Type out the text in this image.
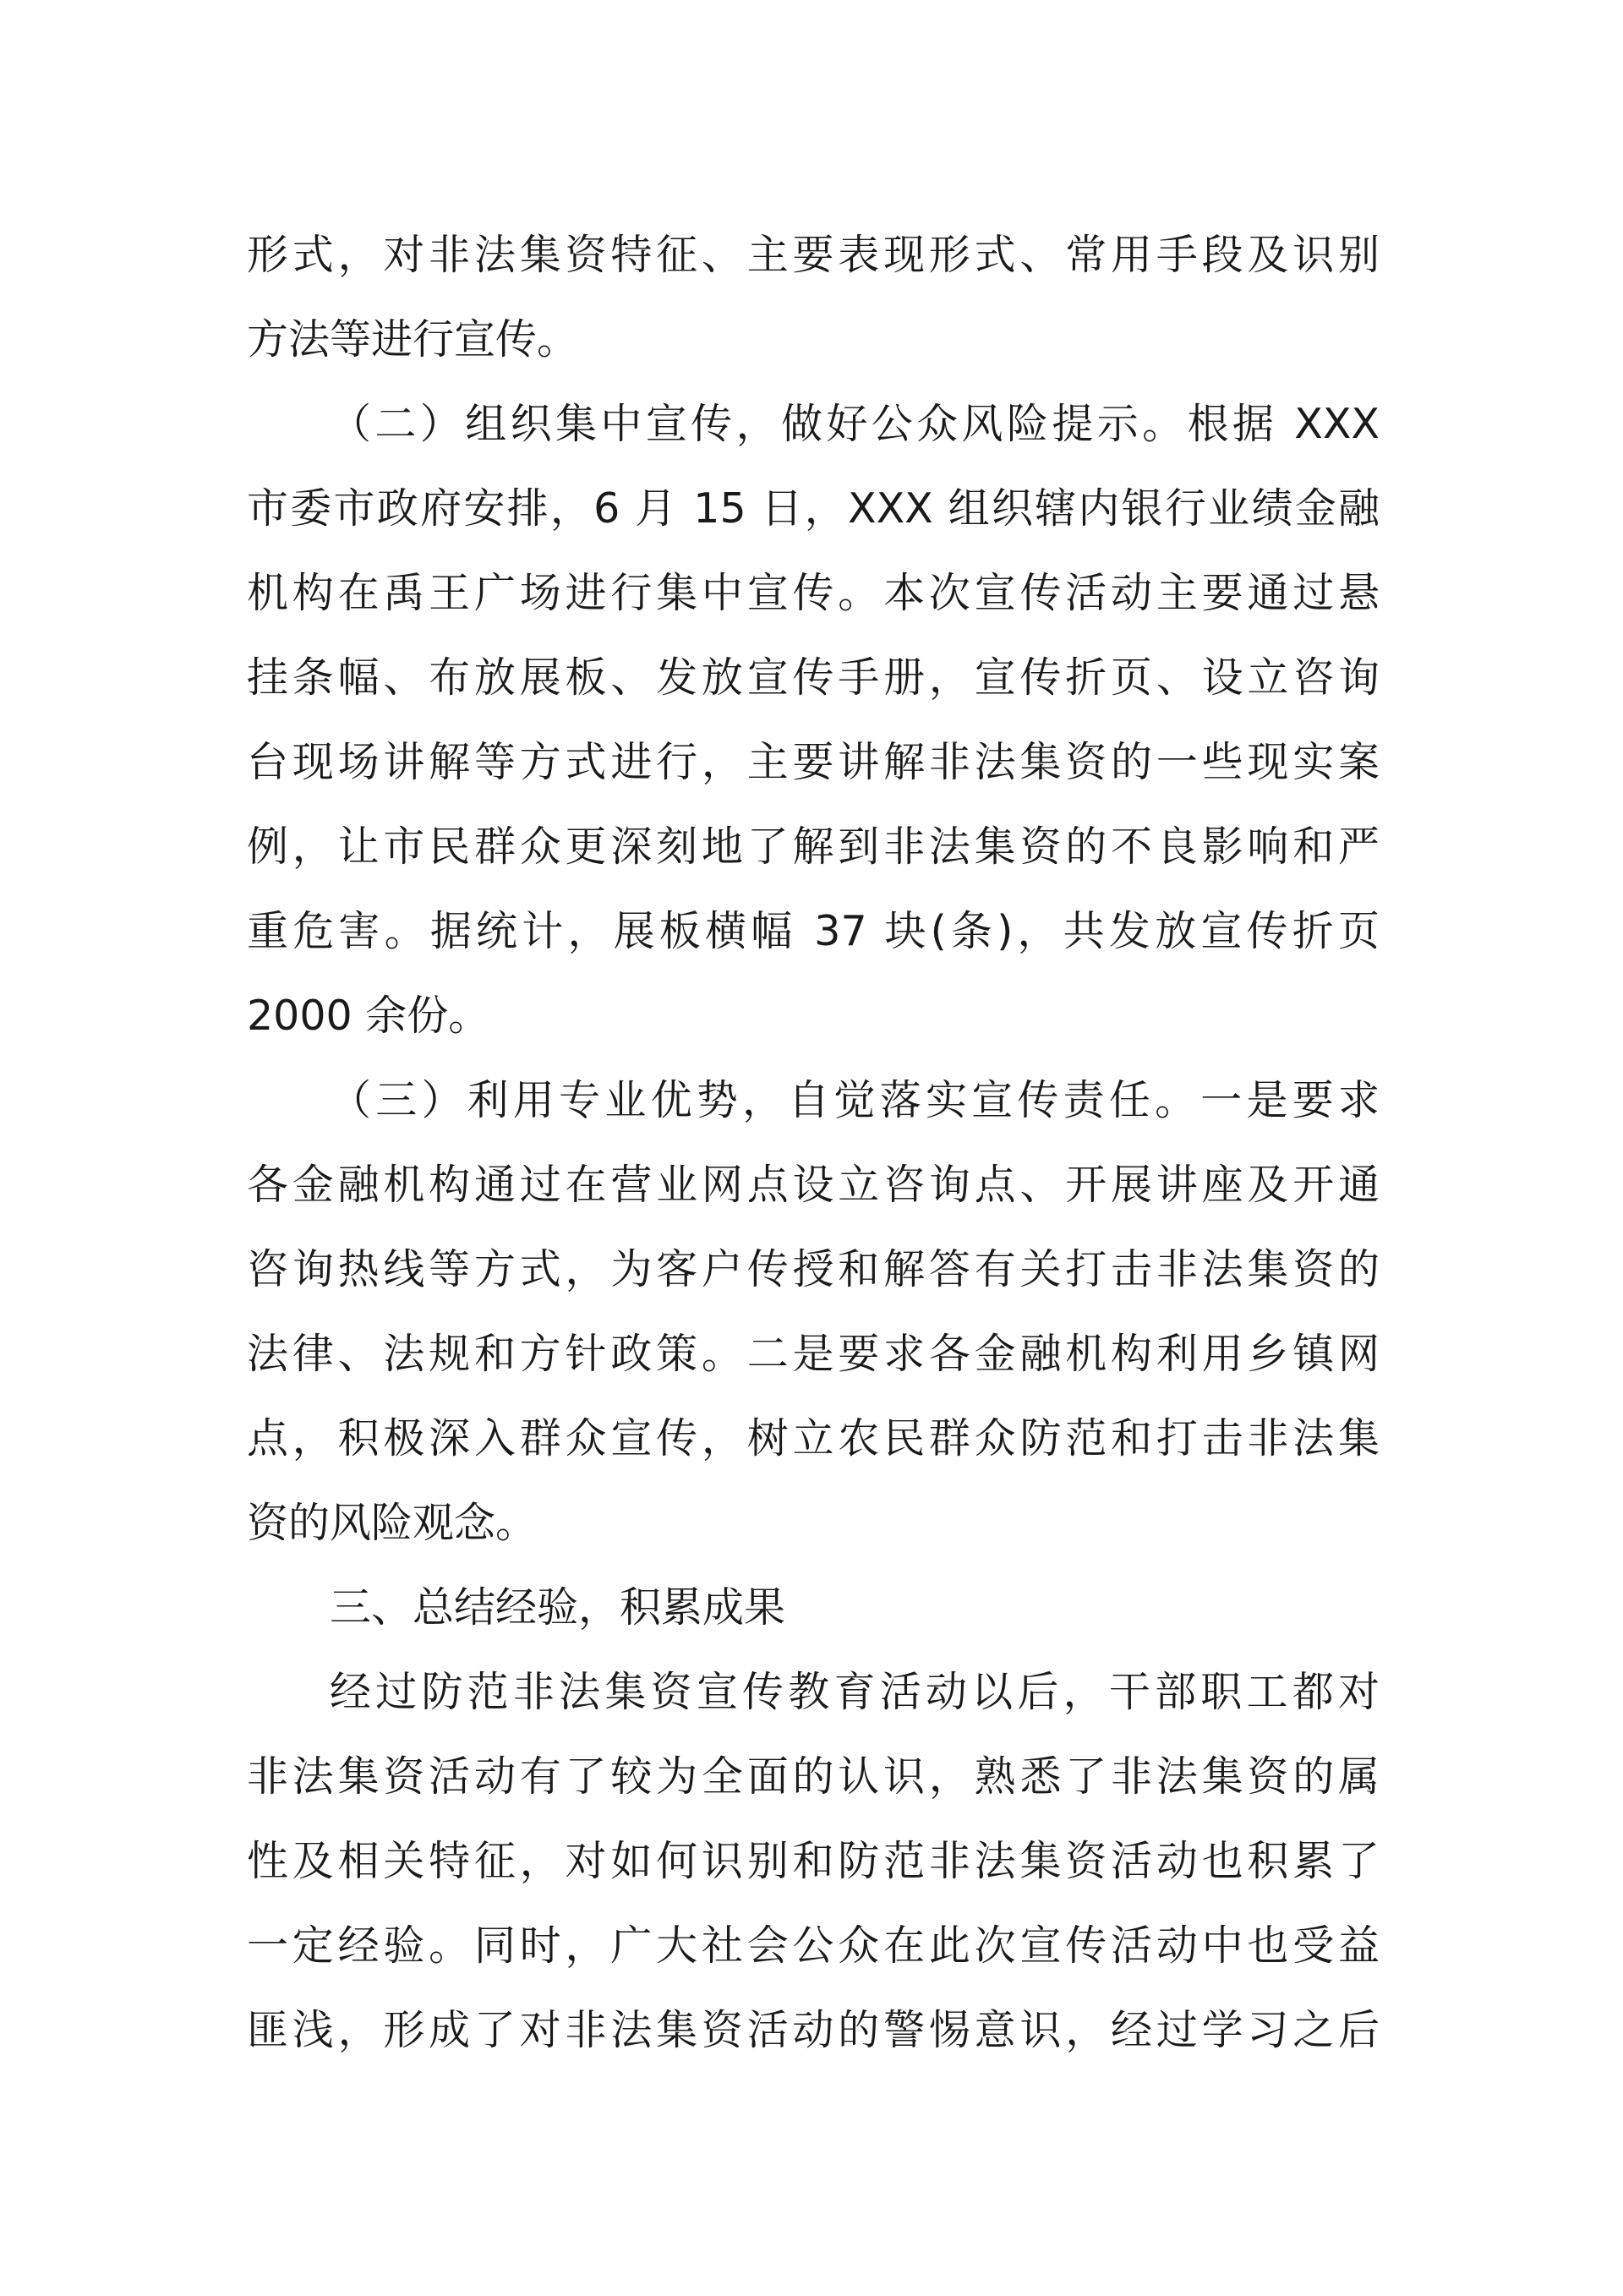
形式，对非法集资特征、主要表现形式、常用手段及识别
方法等进行宣传。
（二）组织集中宣传，做好公众风险提示。根据 XXX
市委市政府安排，6 月 15 日，XXX 组织辖内银行业绩金融
机构在禹王广场进行集中宣传。本次宣传活动主要通过悬
挂条幅、布放展板、发放宣传手册，宣传折页、设立咨询
台现场讲解等方式进行，主要讲解非法集资的一些现实案
例，让市民群众更深刻地了解到非法集资的不良影响和严
重危害。据统计，展板横幅 37 块(条)，共发放宣传折页
2000 余份。
（三）利用专业优势，自觉落实宣传责任。一是要求
各金融机构通过在营业网点设立咨询点、开展讲座及开通
咨询热线等方式，为客户传授和解答有关打击非法集资的
法律、法规和方针政策。二是要求各金融机构利用乡镇网
点，积极深入群众宣传，树立农民群众防范和打击非法集
资的风险观念。
三、总结经验，积累成果
经过防范非法集资宣传教育活动以后，干部职工都对
非法集资活动有了较为全面的认识，熟悉了非法集资的属
性及相关特征，对如何识别和防范非法集资活动也积累了
一定经验。同时，广大社会公众在此次宣传活动中也受益
匪浅，形成了对非法集资活动的警惕意识，经过学习之后
